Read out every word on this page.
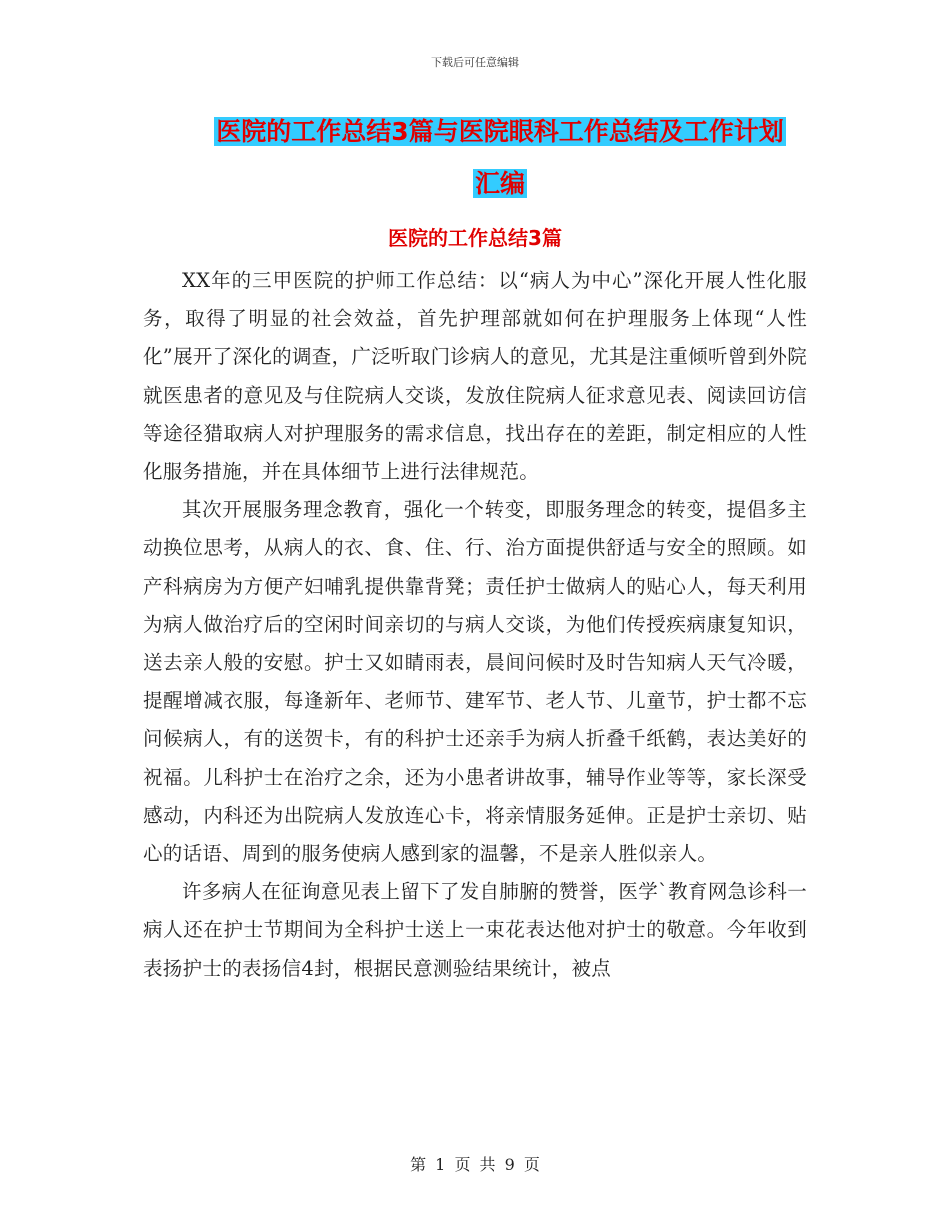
下载后可任意编辑
医院的工作总结3篇与医院眼科工作总结及工作计划
汇编
医院的工作总结3篇

XX年的三甲医院的护师工作总结：以“病人为中心”深化开展人性化服务，取得了明显的社会效益，首先护理部就如何在护理服务上体现“人性化”展开了深化的调查，广泛听取门诊病人的意见，尤其是注重倾听曾到外院就医患者的意见及与住院病人交谈，发放住院病人征求意见表、阅读回访信等途径猎取病人对护理服务的需求信息，找出存在的差距，制定相应的人性化服务措施，并在具体细节上进行法律规范。

其次开展服务理念教育，强化一个转变，即服务理念的转变，提倡多主动换位思考，从病人的衣、食、住、行、治方面提供舒适与安全的照顾。如产科病房为方便产妇哺乳提供靠背凳；责任护士做病人的贴心人，每天利用为病人做治疗后的空闲时间亲切的与病人交谈，为他们传授疾病康复知识，送去亲人般的安慰。护士又如睛雨表，晨间问候时及时告知病人天气冷暖，提醒增减衣服，每逢新年、老师节、建军节、老人节、儿童节，护士都不忘问候病人，有的送贺卡，有的科护士还亲手为病人折叠千纸鹤，表达美好的祝福。儿科护士在治疗之余，还为小患者讲故事，辅导作业等等，家长深受感动，内科还为出院病人发放连心卡，将亲情服务延伸。正是护士亲切、贴心的话语、周到的服务使病人感到家的温馨，不是亲人胜似亲人。

许多病人在征询意见表上留下了发自肺腑的赞誉，医学`教育网急诊科一病人还在护士节期间为全科护士送上一束花表达他对护士的敬意。今年收到表扬护士的表扬信4封，根据民意测验结果统计，被点

第 1 页 共 9 页
